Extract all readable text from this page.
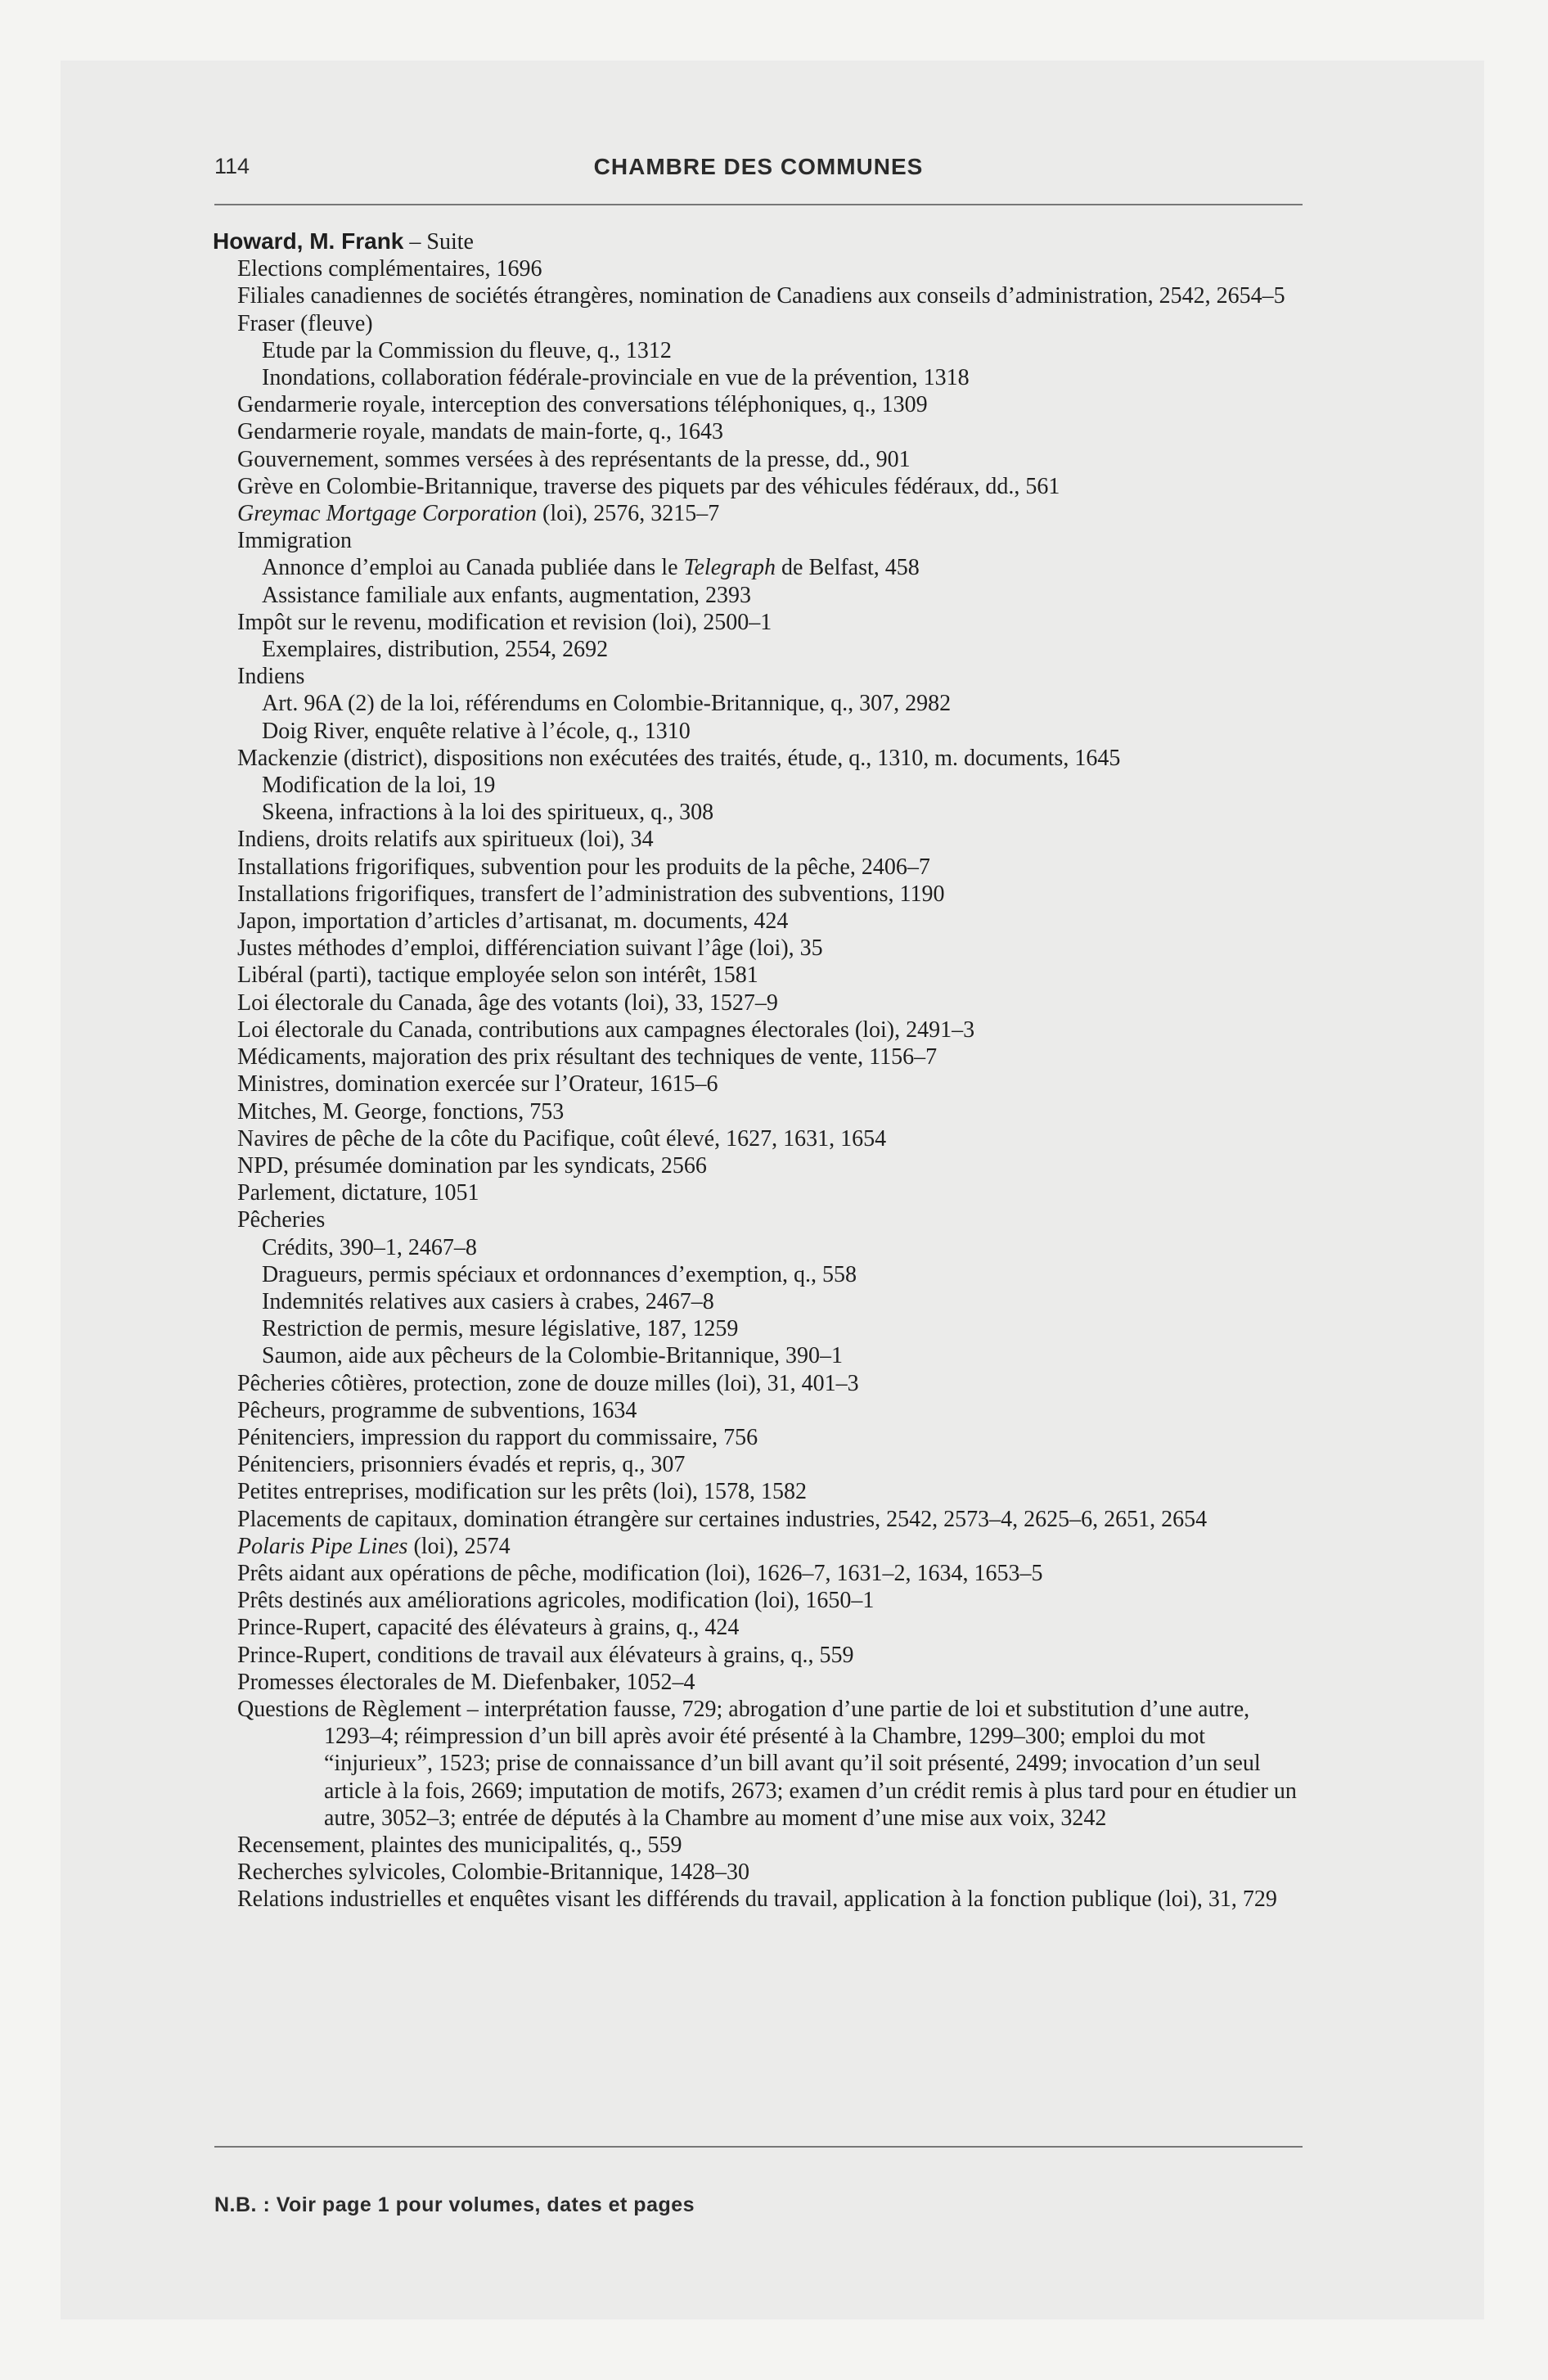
114	CHAMBRE DES COMMUNES
Howard, M. Frank – Suite
Elections complémentaires, 1696
Filiales canadiennes de sociétés étrangères, nomination de Canadiens aux conseils d’administration, 2542, 2654–5
Fraser (fleuve)
Etude par la Commission du fleuve, q., 1312
Inondations, collaboration fédérale-provinciale en vue de la prévention, 1318
Gendarmerie royale, interception des conversations téléphoniques, q., 1309
Gendarmerie royale, mandats de main-forte, q., 1643
Gouvernement, sommes versées à des représentants de la presse, dd., 901
Grève en Colombie-Britannique, traverse des piquets par des véhicules fédéraux, dd., 561
Greymac Mortgage Corporation (loi), 2576, 3215–7
Immigration
Annonce d’emploi au Canada publiée dans le Telegraph de Belfast, 458
Assistance familiale aux enfants, augmentation, 2393
Impôt sur le revenu, modification et revision (loi), 2500–1
Exemplaires, distribution, 2554, 2692
Indiens
Art. 96A (2) de la loi, référendums en Colombie-Britannique, q., 307, 2982
Doig River, enquête relative à l’école, q., 1310
Mackenzie (district), dispositions non exécutées des traités, étude, q., 1310, m. documents, 1645
Modification de la loi, 19
Skeena, infractions à la loi des spiritueux, q., 308
Indiens, droits relatifs aux spiritueux (loi), 34
Installations frigorifiques, subvention pour les produits de la pêche, 2406–7
Installations frigorifiques, transfert de l’administration des subventions, 1190
Japon, importation d’articles d’artisanat, m. documents, 424
Justes méthodes d’emploi, différenciation suivant l’âge (loi), 35
Libéral (parti), tactique employée selon son intérêt, 1581
Loi électorale du Canada, âge des votants (loi), 33, 1527–9
Loi électorale du Canada, contributions aux campagnes électorales (loi), 2491–3
Médicaments, majoration des prix résultant des techniques de vente, 1156–7
Ministres, domination exercée sur l’Orateur, 1615–6
Mitches, M. George, fonctions, 753
Navires de pêche de la côte du Pacifique, coût élevé, 1627, 1631, 1654
NPD, présumée domination par les syndicats, 2566
Parlement, dictature, 1051
Pêcheries
Crédits, 390–1, 2467–8
Dragueurs, permis spéciaux et ordonnances d’exemption, q., 558
Indemnités relatives aux casiers à crabes, 2467–8
Restriction de permis, mesure législative, 187, 1259
Saumon, aide aux pêcheurs de la Colombie-Britannique, 390–1
Pêcheries côtières, protection, zone de douze milles (loi), 31, 401–3
Pêcheurs, programme de subventions, 1634
Pénitenciers, impression du rapport du commissaire, 756
Pénitenciers, prisonniers évadés et repris, q., 307
Petites entreprises, modification sur les prêts (loi), 1578, 1582
Placements de capitaux, domination étrangère sur certaines industries, 2542, 2573–4, 2625–6, 2651, 2654
Polaris Pipe Lines (loi), 2574
Prêts aidant aux opérations de pêche, modification (loi), 1626–7, 1631–2, 1634, 1653–5
Prêts destinés aux améliorations agricoles, modification (loi), 1650–1
Prince-Rupert, capacité des élévateurs à grains, q., 424
Prince-Rupert, conditions de travail aux élévateurs à grains, q., 559
Promesses électorales de M. Diefenbaker, 1052–4
Questions de Règlement – interprétation fausse, 729; abrogation d’une partie de loi et substitution d’une autre, 1293–4; réimpression d’un bill après avoir été présenté à la Chambre, 1299–300; emploi du mot “injurieux”, 1523; prise de connaissance d’un bill avant qu’il soit présenté, 2499; invocation d’un seul article à la fois, 2669; imputation de motifs, 2673; examen d’un crédit remis à plus tard pour en étudier un autre, 3052–3; entrée de députés à la Chambre au moment d’une mise aux voix, 3242
Recensement, plaintes des municipalités, q., 559
Recherches sylvicoles, Colombie-Britannique, 1428–30
Relations industrielles et enquêtes visant les différends du travail, application à la fonction publique (loi), 31, 729
N.B. : Voir page 1 pour volumes, dates et pages
